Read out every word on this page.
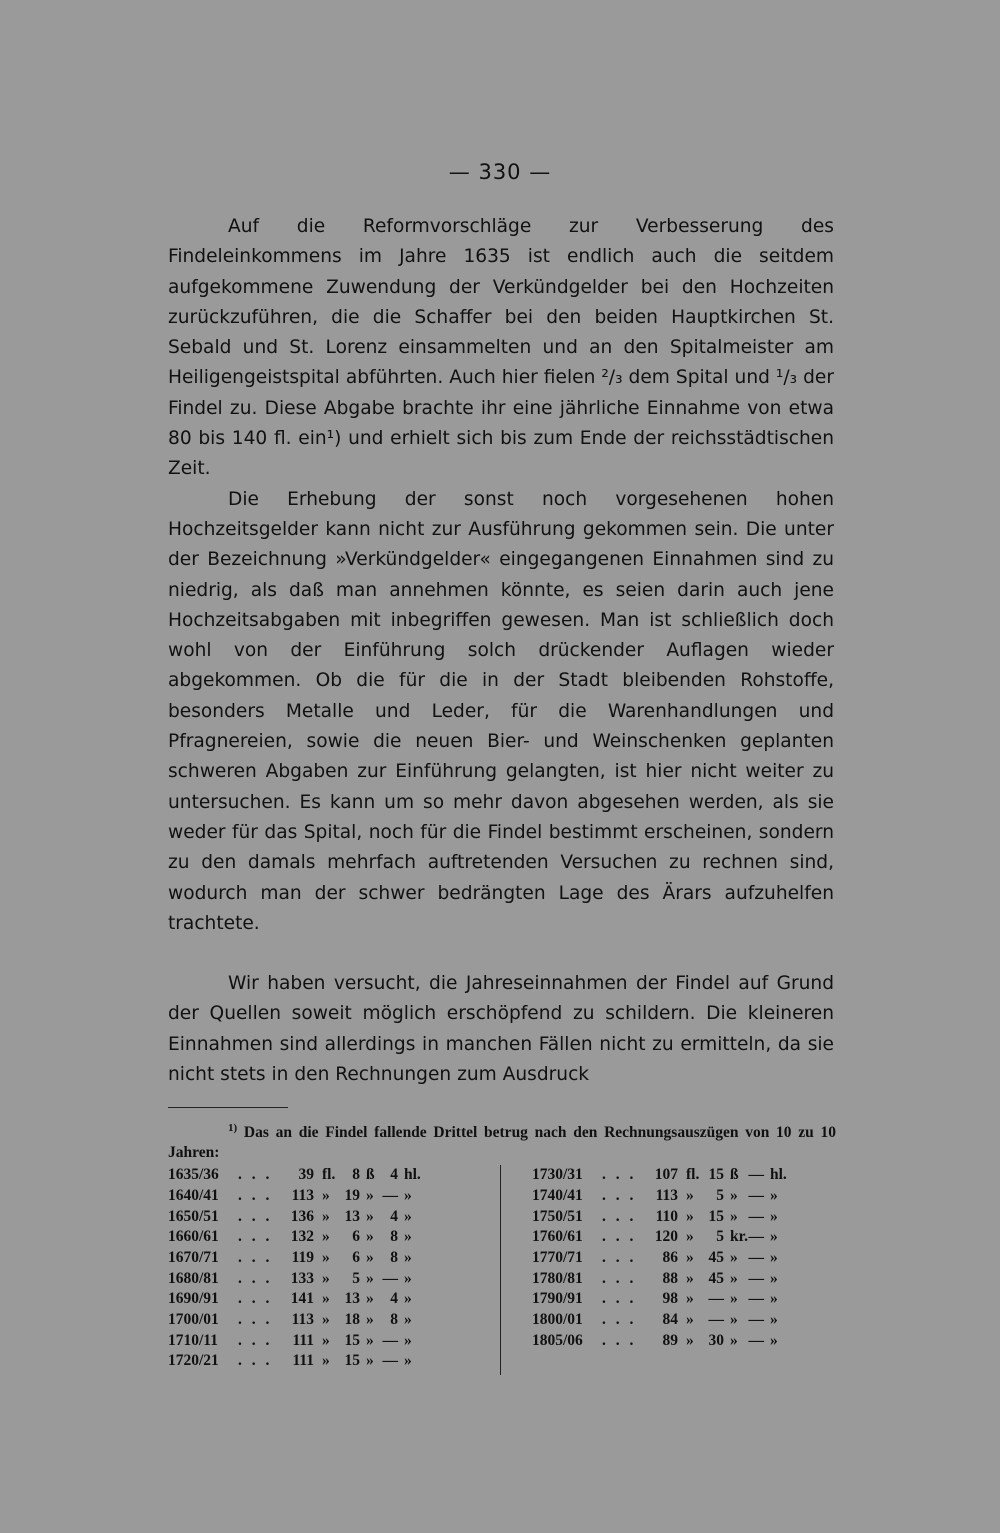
— 330 —

Auf die Reformvorschläge zur Verbesserung des Findeleinkommens im Jahre 1635 ist endlich auch die seitdem aufgekommene Zuwendung der Verkündgelder bei den Hochzeiten zurückzuführen, die die Schaffer bei den beiden Hauptkirchen St. Sebald und St. Lorenz einsammelten und an den Spitalmeister am Heiligengeistspital abführten. Auch hier fielen ²/₃ dem Spital und ¹/₃ der Findel zu. Diese Abgabe brachte ihr eine jährliche Einnahme von etwa 80 bis 140 fl. ein¹) und erhielt sich bis zum Ende der reichsstädtischen Zeit.

Die Erhebung der sonst noch vorgesehenen hohen Hochzeitsgelder kann nicht zur Ausführung gekommen sein. Die unter der Bezeichnung »Verkündgelder« eingegangenen Einnahmen sind zu niedrig, als daß man annehmen könnte, es seien darin auch jene Hochzeitsabgaben mit inbegriffen gewesen. Man ist schließlich doch wohl von der Einführung solch drückender Auflagen wieder abgekommen. Ob die für die in der Stadt bleibenden Rohstoffe, besonders Metalle und Leder, für die Warenhandlungen und Pfragnereien, sowie die neuen Bier- und Weinschenken geplanten schweren Abgaben zur Einführung gelangten, ist hier nicht weiter zu untersuchen. Es kann um so mehr davon abgesehen werden, als sie weder für das Spital, noch für die Findel bestimmt erscheinen, sondern zu den damals mehrfach auftretenden Versuchen zu rechnen sind, wodurch man der schwer bedrängten Lage des Ärars aufzuhelfen trachtete.

Wir haben versucht, die Jahreseinnahmen der Findel auf Grund der Quellen soweit möglich erschöpfend zu schildern. Die kleineren Einnahmen sind allerdings in manchen Fällen nicht zu ermitteln, da sie nicht stets in den Rechnungen zum Ausdruck

$^{1)}$ Das an die Findel fallende Drittel betrug nach den Rechnungsauszügen von 10 zu 10 Jahren:
1635/36	. . .	39	fl.	8	ß	4	hl.
1640/41	. . .	113	»	19	»	—	»
1650/51	. . .	136	»	13	»	4	»
1660/61	. . .	132	»	6	»	8	»
1670/71	. . .	119	»	6	»	8	»
1680/81	. . .	133	»	5	»	—	»
1690/91	. . .	141	»	13	»	4	»
1700/01	. . .	113	»	18	»	8	»
1710/11	. . .	111	»	15	»	—	»
1720/21	. . .	111	»	15	»	—	»
1730/31	. . .	107	fl.	15	ß	—	hl.
1740/41	. . .	113	»	5	»	—	»
1750/51	. . .	110	»	15	»	—	»
1760/61	. . .	120	»	5	kr.	—	»
1770/71	. . .	86	»	45	»	—	»
1780/81	. . .	88	»	45	»	—	»
1790/91	. . .	98	»	—	»	—	»
1800/01	. . .	84	»	—	»	—	»
1805/06	. . .	89	»	30	»	—	»
